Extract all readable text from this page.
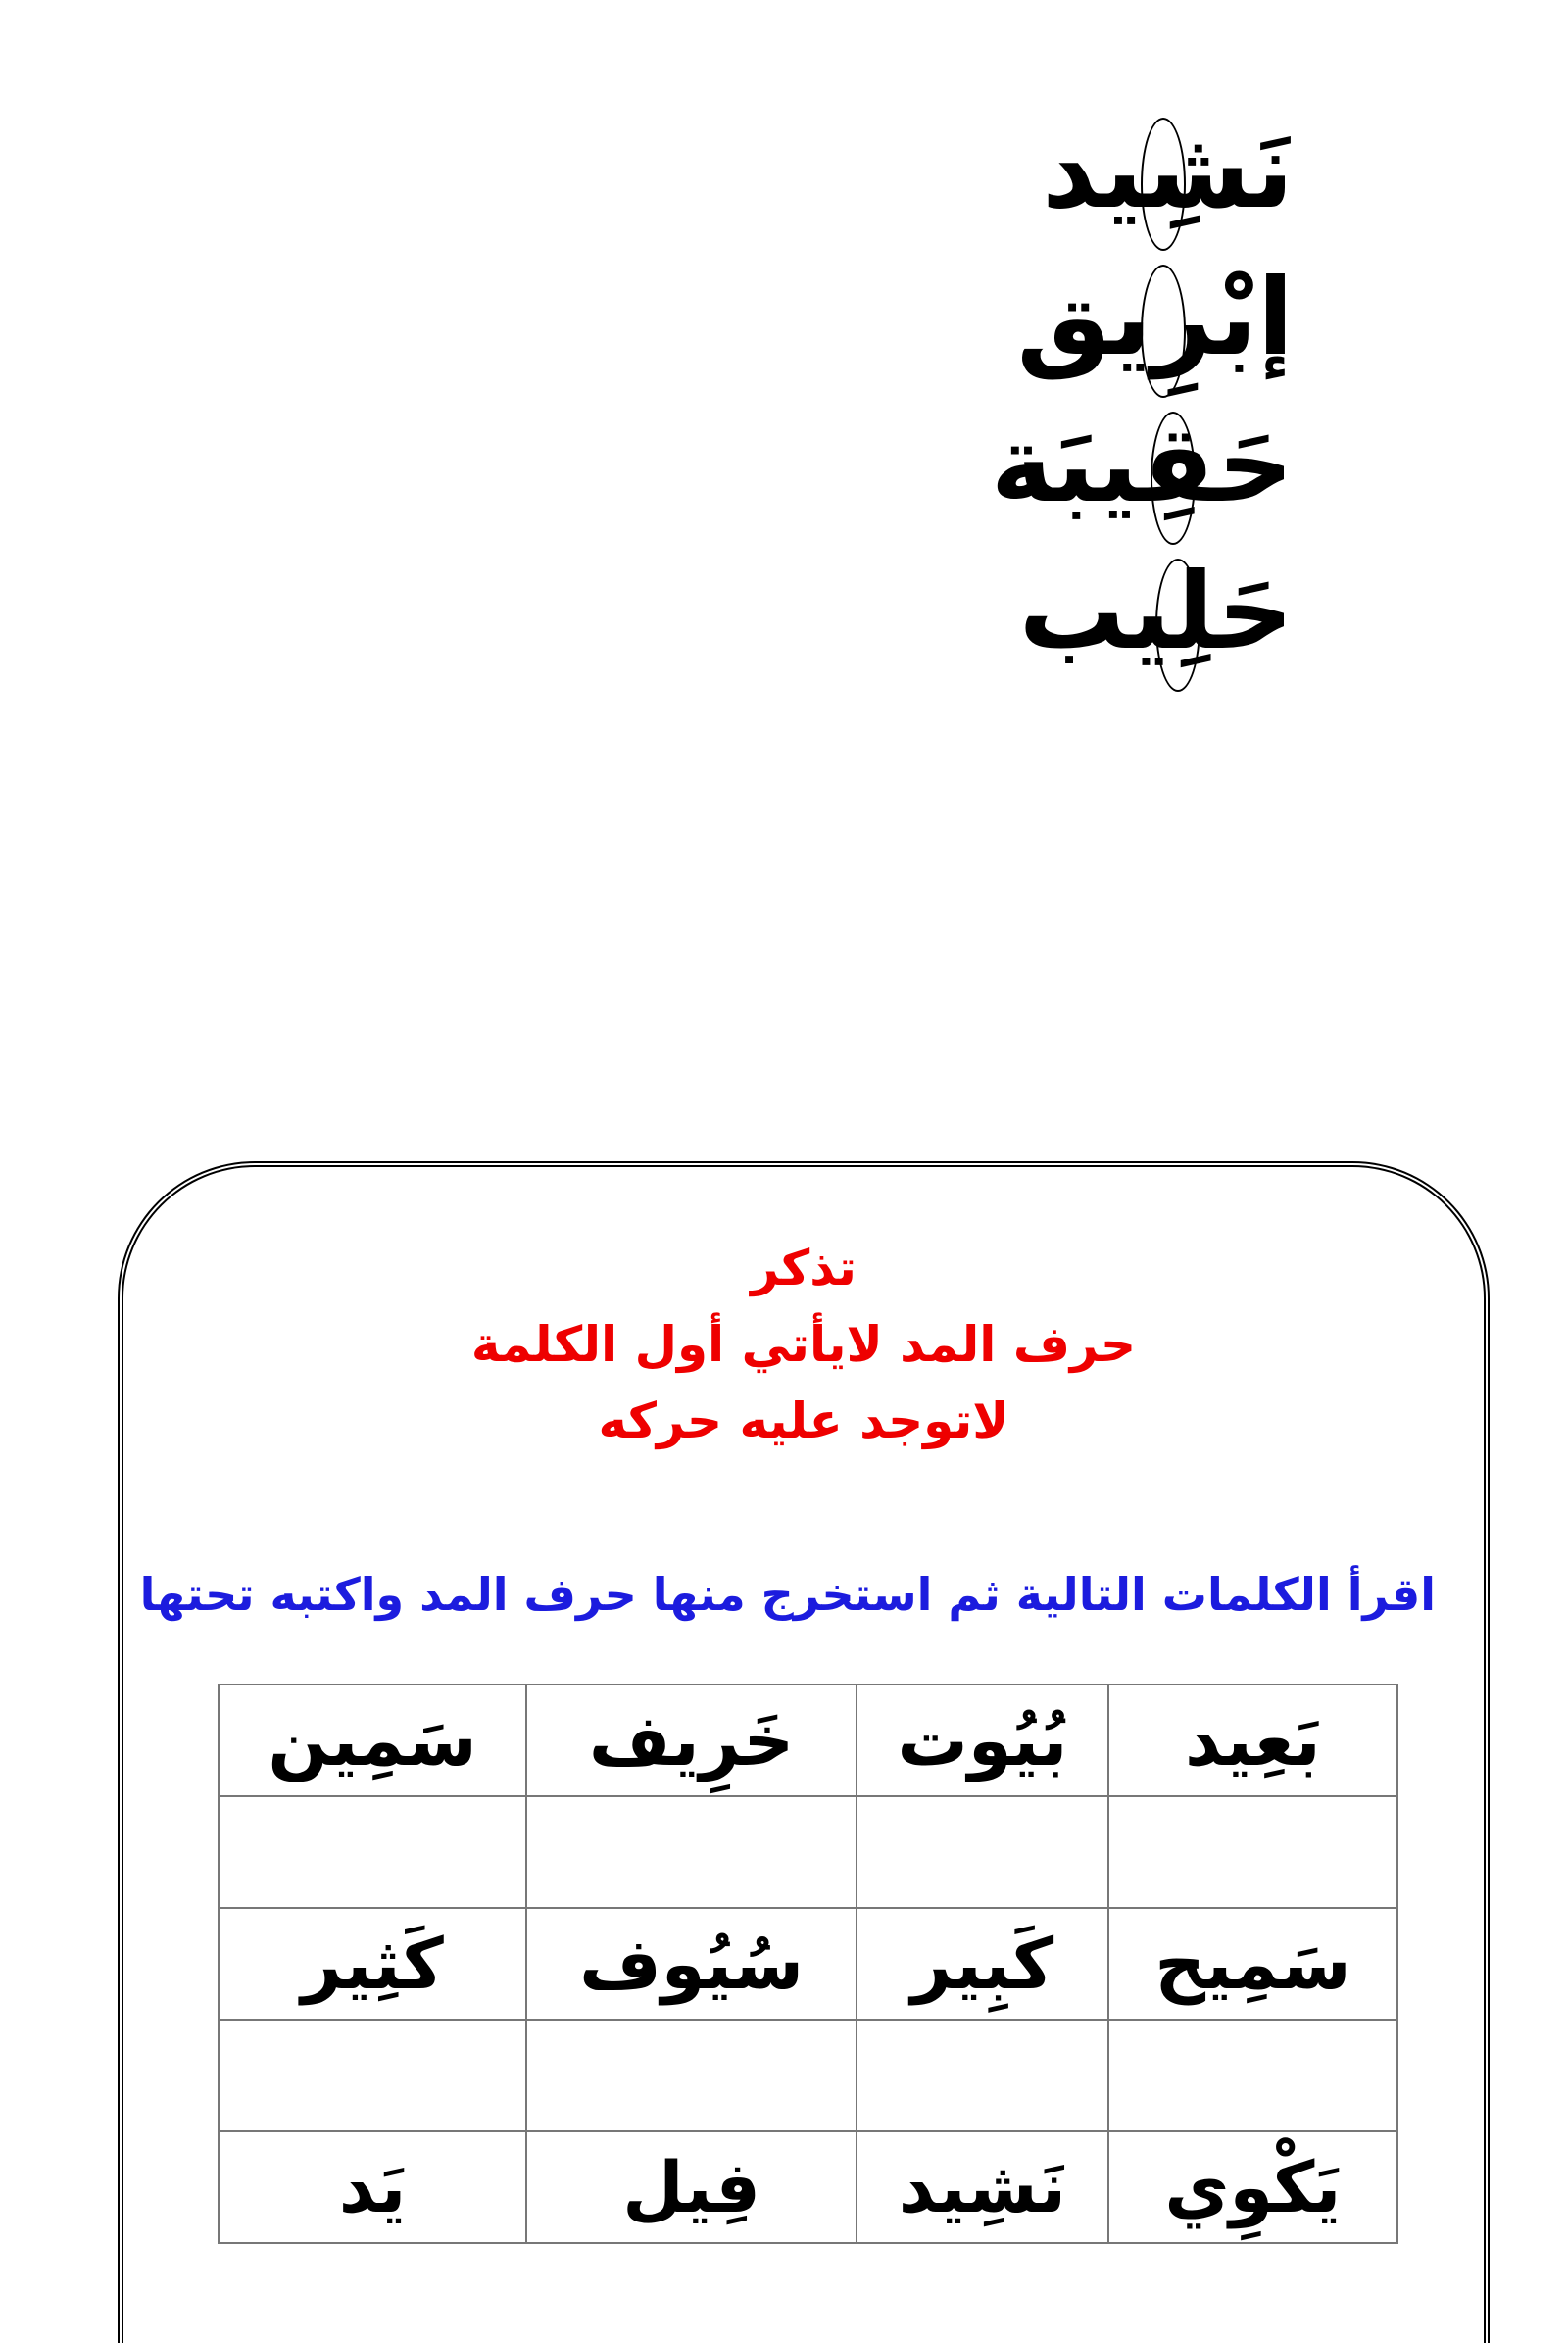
نَشِيد
إبْرِيق
حَقِيبَة
حَلِيب
تذكر
حرف المد لايأتي أول الكلمة
لاتوجد عليه حركه
اقرأ الكلمات التالية ثم استخرج منها حرف المد واكتبه تحتها
بَعِيد	بُيُوت	خَرِيف	سَمِين

سَمِيح	كَبِير	سُيُوف	كَثِير

يَكْوِي	نَشِيد	فِيل	يَد
